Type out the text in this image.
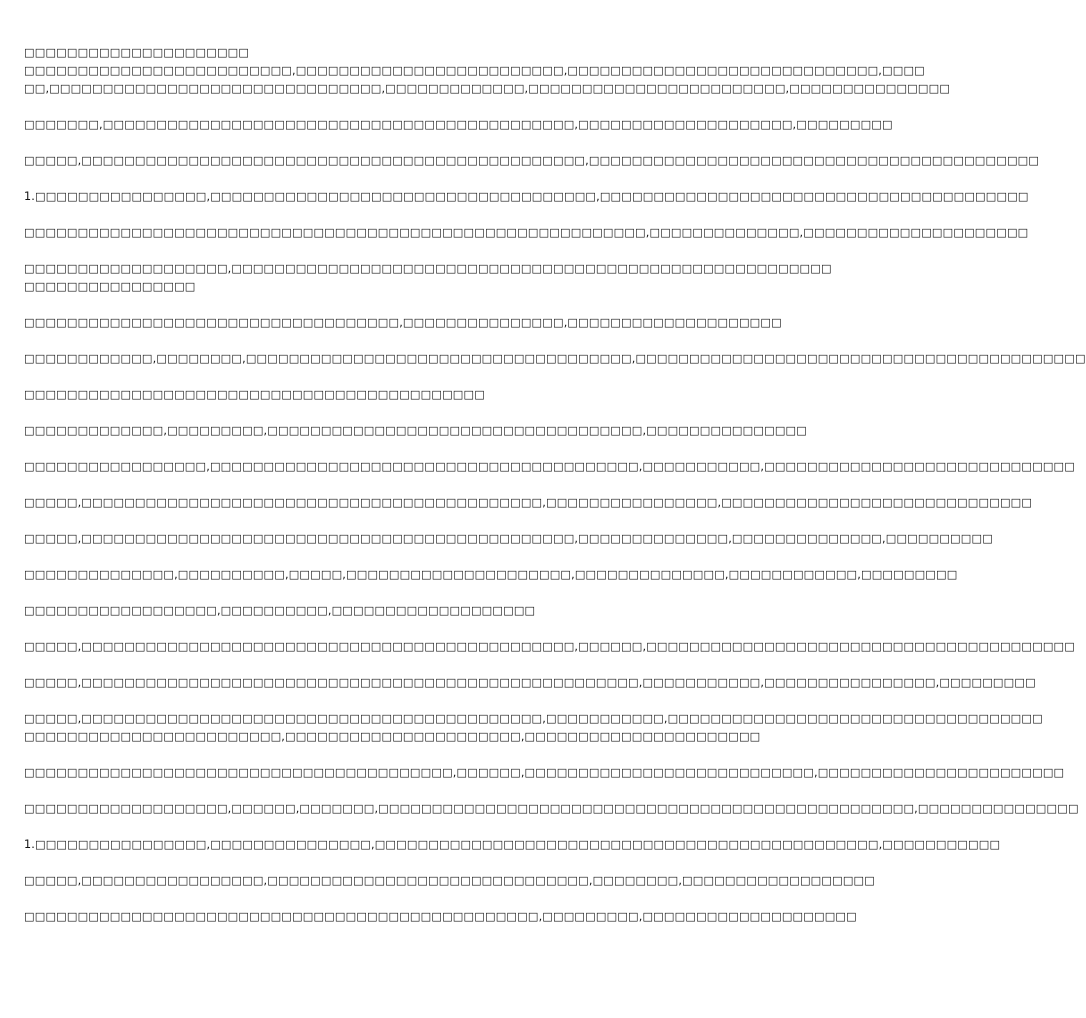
□□□□□□□□□□□□□□□□□□□□□
□□□□□□□□□□□□□□□□□□□□□□□□□,□□□□□□□□□□□□□□□□□□□□□□□□□,□□□□□□□□□□□□□□□□□□□□□□□□□□□□□,□□□□
□□,□□□□□□□□□□□□□□□□□□□□□□□□□□□□□□□,□□□□□□□□□□□□□,□□□□□□□□□□□□□□□□□□□□□□□□,□□□□□□□□□□□□□□□
□□□□□□□,□□□□□□□□□□□□□□□□□□□□□□□□□□□□□□□□□□□□□□□□□□□□,□□□□□□□□□□□□□□□□□□□□,□□□□□□□□□
□□□□□,□□□□□□□□□□□□□□□□□□□□□□□□□□□□□□□□□□□□□□□□□□□□□□□,□□□□□□□□□□□□□□□□□□□□□□□□□□□□□□□□□□□□□□□□□□
1.□□□□□□□□□□□□□□□□,□□□□□□□□□□□□□□□□□□□□□□□□□□□□□□□□□□□□,□□□□□□□□□□□□□□□□□□□□□□□□□□□□□□□□□□□□□□□□
□□□□□□□□□□□□□□□□□□□□□□□□□□□□□□□□□□□□□□□□□□□□□□□□□□□□□□□□□□,□□□□□□□□□□□□□□,□□□□□□□□□□□□□□□□□□□□□
□□□□□□□□□□□□□□□□□□□,□□□□□□□□□□□□□□□□□□□□□□□□□□□□□□□□□□□□□□□□□□□□□□□□□□□□□□□□
□□□□□□□□□□□□□□□□
□□□□□□□□□□□□□□□□□□□□□□□□□□□□□□□□□□□,□□□□□□□□□□□□□□□,□□□□□□□□□□□□□□□□□□□□
□□□□□□□□□□□□,□□□□□□□□,□□□□□□□□□□□□□□□□□□□□□□□□□□□□□□□□□□□□,□□□□□□□□□□□□□□□□□□□□□□□□□□□□□□□□□□□□□□□□□□
□□□□□□□□□□□□□□□□□□□□□□□□□□□□□□□□□□□□□□□□□□□
□□□□□□□□□□□□□,□□□□□□□□□,□□□□□□□□□□□□□□□□□□□□□□□□□□□□□□□□□□□,□□□□□□□□□□□□□□□
□□□□□□□□□□□□□□□□□,□□□□□□□□□□□□□□□□□□□□□□□□□□□□□□□□□□□□□□□□,□□□□□□□□□□□,□□□□□□□□□□□□□□□□□□□□□□□□□□□□□
□□□□□,□□□□□□□□□□□□□□□□□□□□□□□□□□□□□□□□□□□□□□□□□□□,□□□□□□□□□□□□□□□□,□□□□□□□□□□□□□□□□□□□□□□□□□□□□□
□□□□□,□□□□□□□□□□□□□□□□□□□□□□□□□□□□□□□□□□□□□□□□□□□□□□,□□□□□□□□□□□□□□,□□□□□□□□□□□□□□,□□□□□□□□□□
□□□□□□□□□□□□□□,□□□□□□□□□□,□□□□□,□□□□□□□□□□□□□□□□□□□□□,□□□□□□□□□□□□□□,□□□□□□□□□□□□,□□□□□□□□□
□□□□□□□□□□□□□□□□□□,□□□□□□□□□□,□□□□□□□□□□□□□□□□□□□
□□□□□,□□□□□□□□□□□□□□□□□□□□□□□□□□□□□□□□□□□□□□□□□□□□□□,□□□□□□,□□□□□□□□□□□□□□□□□□□□□□□□□□□□□□□□□□□□□□□□
□□□□□,□□□□□□□□□□□□□□□□□□□□□□□□□□□□□□□□□□□□□□□□□□□□□□□□□□□□,□□□□□□□□□□□,□□□□□□□□□□□□□□□□,□□□□□□□□□
□□□□□,□□□□□□□□□□□□□□□□□□□□□□□□□□□□□□□□□□□□□□□□□□□,□□□□□□□□□□□,□□□□□□□□□□□□□□□□□□□□□□□□□□□□□□□□□□□
□□□□□□□□□□□□□□□□□□□□□□□□,□□□□□□□□□□□□□□□□□□□□□□,□□□□□□□□□□□□□□□□□□□□□□
□□□□□□□□□□□□□□□□□□□□□□□□□□□□□□□□□□□□□□□□,□□□□□□,□□□□□□□□□□□□□□□□□□□□□□□□□□□,□□□□□□□□□□□□□□□□□□□□□□□
□□□□□□□□□□□□□□□□□□□,□□□□□□,□□□□□□□,□□□□□□□□□□□□□□□□□□□□□□□□□□□□□□□□□□□□□□□□□□□□□□□□□□,□□□□□□□□□□□□□□□
1.□□□□□□□□□□□□□□□□,□□□□□□□□□□□□□□□,□□□□□□□□□□□□□□□□□□□□□□□□□□□□□□□□□□□□□□□□□□□□□□□,□□□□□□□□□□□
□□□□□,□□□□□□□□□□□□□□□□□,□□□□□□□□□□□□□□□□□□□□□□□□□□□□□□,□□□□□□□□,□□□□□□□□□□□□□□□□□□
□□□□□□□□□□□□□□□□□□□□□□□□□□□□□□□□□□□□□□□□□□□□□□□□,□□□□□□□□□,□□□□□□□□□□□□□□□□□□□□
